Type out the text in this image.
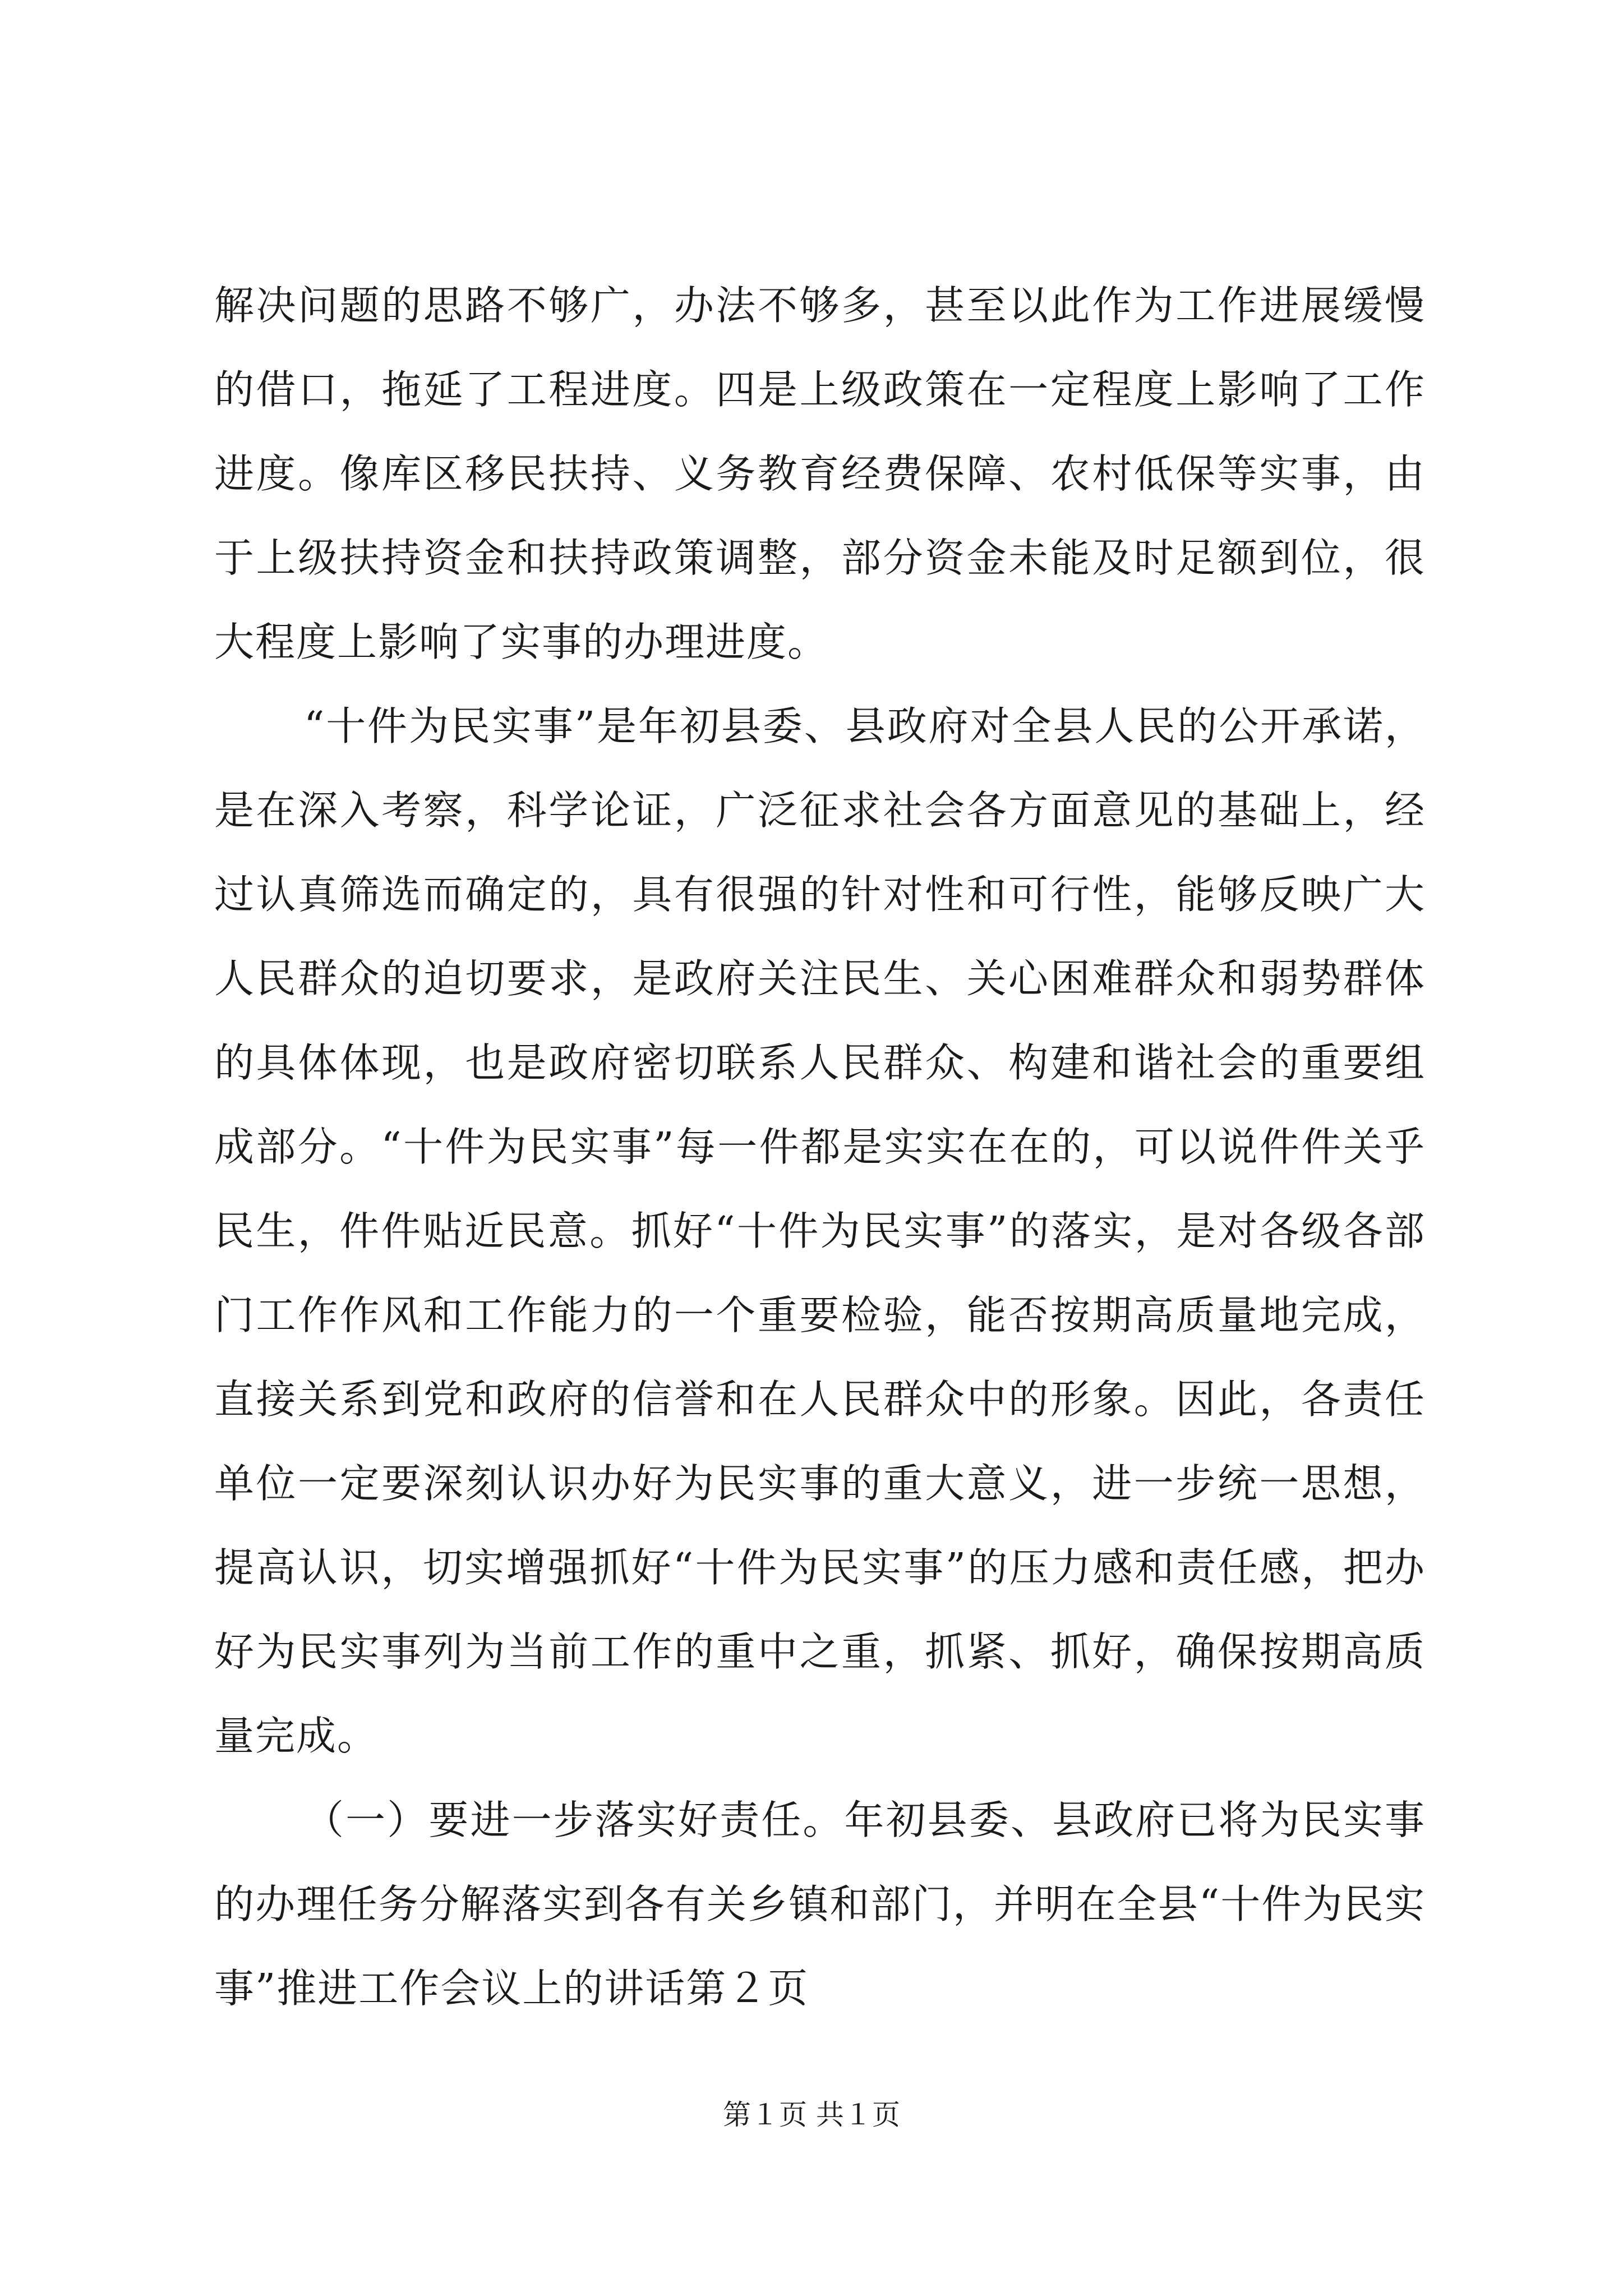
解决问题的思路不够广，办法不够多，甚至以此作为工作进展缓慢的借口，拖延了工程进度。四是上级政策在一定程度上影响了工作进度。像库区移民扶持、义务教育经费保障、农村低保等实事，由于上级扶持资金和扶持政策调整，部分资金未能及时足额到位，很大程度上影响了实事的办理进度。

“十件为民实事”是年初县委、县政府对全县人民的公开承诺，是在深入考察，科学论证，广泛征求社会各方面意见的基础上，经过认真筛选而确定的，具有很强的针对性和可行性，能够反映广大人民群众的迫切要求，是政府关注民生、关心困难群众和弱势群体的具体体现，也是政府密切联系人民群众、构建和谐社会的重要组成部分。“十件为民实事”每一件都是实实在在的，可以说件件关乎民生，件件贴近民意。抓好“十件为民实事”的落实，是对各级各部门工作作风和工作能力的一个重要检验，能否按期高质量地完成，直接关系到党和政府的信誉和在人民群众中的形象。因此，各责任单位一定要深刻认识办好为民实事的重大意义，进一步统一思想，提高认识，切实增强抓好“十件为民实事”的压力感和责任感，把办好为民实事列为当前工作的重中之重，抓紧、抓好，确保按期高质量完成。

（一）要进一步落实好责任。年初县委、县政府已将为民实事的办理任务分解落实到各有关乡镇和部门，并明在全县“十件为民实事”推进工作会议上的讲话第２页

第１页 共１页
